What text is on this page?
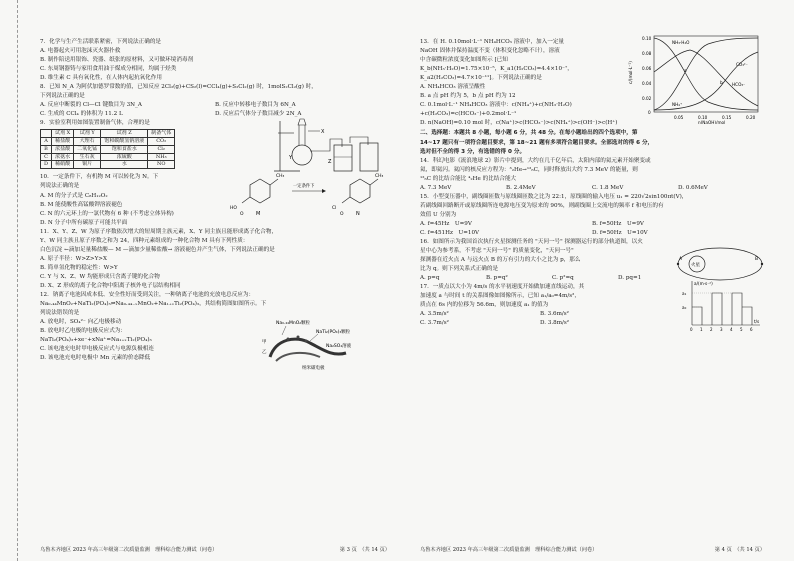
7．化学与生产生活联系紧密，下列说法正确的是
A. 电器起火可用泡沫灭火器扑救
B. 制作陪送用银饰、瓷器、纸张的原材料，又可做环境消毒剂
C. 东周钢器铸与家用食用油于煤成分相同，均属于烃类
D. 维生素 C 具有氧化性，在人体内起抗氧化作用
8．已知 N_A 为阿伏加德罗常数的值，已知反应 2Cl₂(g)+CS₂(l)=CCl₄(g)+S₂Cl₂(g) 时，1molS₂Cl₂(g) 时，
下列说法正确的是
A. 反应中断裂的 Cl—Cl 键数目为 3N_A	B. 反应中转移电子数目为 6N_A
C. 生成的 CCl₄ 的体积为 11.2 L	D. 反应后气体分子数目减少 2N_A
9．实验室利用如图装置制备气体，合理的是
	试剂 X	试剂 Y	试剂 Z	制备气体
A	稀盐酸	大理石	饱和碳酸氢钠溶液	CO₂
B	浓盐酸	二氧化锰	饱和食盐水	Cl₂
C	浓氨水	生石灰	浓硫酸	NH₃
D	稀硝酸	铜片	水	NO
X
Y
Z
10．一定条件下，有机物 M 可以转化为 N。下
列说法正确的是
A. M 的分子式是 C₈H₁₂O₂
B. M 能使酸性高锰酸钾溶液褪色
C. N 的六元环上的一氯代物有 6 种 (不考虑立体异构)
D. N 分子中所有碳原子可能共平面
CH₃
HO
O M
一定条件下
CH₃
Cl
O N
11．X、Y、Z、W 为原子序数依次增大的短周期主族元素，X、Y 同主族且能形成离子化合物，
Y、W 同主族且原子序数之和为 24，四种元素组成的一种化合物 M 具有下列性质：
白色沉淀 ←滴加足量稀盐酸— M —滴加少量稀盐酸→ 溶液褪色并产生气体，下列说法正确的是
A. 原子半径：W>Z>Y>X
B. 简单氢化物的稳定性：W>Y
C. Y 与 X、Z、W 均能形成只含离子键的化合物
D. X、Z 形成的离子化合物中阳离子核外电子层结构相同
12．钠离子电池因成本低、安全性好而受到关注，一种钠离子电池的充放电总反应为：
Na₀.₄₄MnO₂+NaTi₂(PO₄)₃⇌Na₀.₄₄₋ₓMnO₂+Na₁₊ₓTi₂(PO₄)₃，其结构简图如图所示。下
列说法错误的是
A. 放电时，SO₄²⁻ 向乙电极移动
B. 放电时乙电极的电极反应式为：
NaTi₂(PO₄)₃+xe⁻+xNa⁺=Na₁₊ₓTi₂(PO₄)₃
C. 该电池充电时甲电极反应式与电源负极相连
D. 该电池充电时电极中 Mn 元素的价态降低
Na₀.₄₄MnO₂颗粒
NaTi₂(PO₄)₃颗粒
甲
乙
Na₂SO₄溶液
纳米碳电极
乌鲁木齐地区 2023 年高三年级第二次质量监测　理科综合能力测试（问卷）	第 3 页　（共 14 页）
13．在 H. 0.10mol·L⁻¹ NH₄HCO₃ 溶液中，加入一定量
NaOH 固体并保持温度不变（体积变化忽略不计），溶液
中含碳微粒浓度变化如图所示 [已知
K_b(NH₃·H₂O)=1.75×10⁻⁵，K_a1(H₂CO₃)=4.4×10⁻⁷，
K_a2(H₂CO₃)=4.7×10⁻¹¹]。下列说法正确的是
A. NH₄HCO₃ 溶液呈酸性
B. a 点 pH 约为 5，b 点 pH 约为 12
C. 0.1mol·L⁻¹ NH₄HCO₃ 溶液中：c(NH₄⁺)+c(NH₃·H₂O)
+c(H₂CO₃)=c(HCO₃⁻)+0.2mol·L⁻¹
D. n(NaOH)=0.10 mol 时，c(Na⁺)>c(HCO₃⁻)>c(NH₄⁺)>c(OH⁻)>c(H⁺)
c/(mol·L⁻¹)
0.10
0.08
0.06
0.04
0.02
0
0.05	0.10	0.15	0.20
n(NaOH)/mol
NH₃·H₂O
CO₃²⁻
HCO₃⁻
NH₄⁺
a
b
二、选择题：本题共 8 小题，每小题 6 分，共 48 分。在每小题给出的四个选项中，第
14~17 题只有一项符合题目要求，第 18~21 题有多项符合题目要求。全部选对的得 6 分，
选对但不全的得 3 分，有选错的得 0 分。
14．科幻电影《流浪地球 2》影片中提到，大约在几千亿年后，太阳内部的氦元素开始聚变或
氦，即氦闪。氦闪的核反应方程为：³₂He→¹²₆C，同时释放出大约 7.3 MeV 的能量，则
¹²₆C 的比结合能比 ⁴₂He 的比结合能大
A. 7.3 MeV	B. 2.4MeV	C. 1.8 MeV	D. 0.6MeV
15．小型变压器中，副线圈匝数与原线圈匝数之比为 22:1，原线圈的输入电压 u₁ = 220√2sin100πt(V)，
若副线圈回路断开或原线圈所连电源电压变为原来的 90%，则副线圈上交流电的频率 f 和电压的有
效值 U 分别为
A. f=45Hz　U=9V	B. f=50Hz　U=9V
C. f=451Hz　U=10V	D. f=50Hz　U=10V
16．如图所示为我国首次执行火星探测任务的 "天问一号" 探测器运行的部分轨道图，以火
星中心为参考系，不考虑 "天问一号" 的质量变化，"天问一号"
探测器在近火点 A 与远火点 B 的万有引力的大小之比为 p，那么
比为 q。则下列关系式正确的是
A. p=q	B. p=q²	C. p²=q	D. pq=1
火星
A	B
17．一质点以大小为 4m/s 的水平初速度开始做加速直线运动，其
加速度 a 与时间 t 的关系图像如图像所示，已知 a₁/a₀=4m/s²，
质点在 6s 内的位移为 56.6m，则加速度 a₁ 的值为
A. 3.5m/s²	B. 3.6m/s²
C. 3.7m/s²	D. 3.8m/s²
a/(m·s⁻²)
a₁
a₀
0 1 2 3 4 5 6
t/s
乌鲁木齐地区 2023 年高三年级第二次质量监测　理科综合能力测试（问卷）	第 4 页　（共 14 页）
